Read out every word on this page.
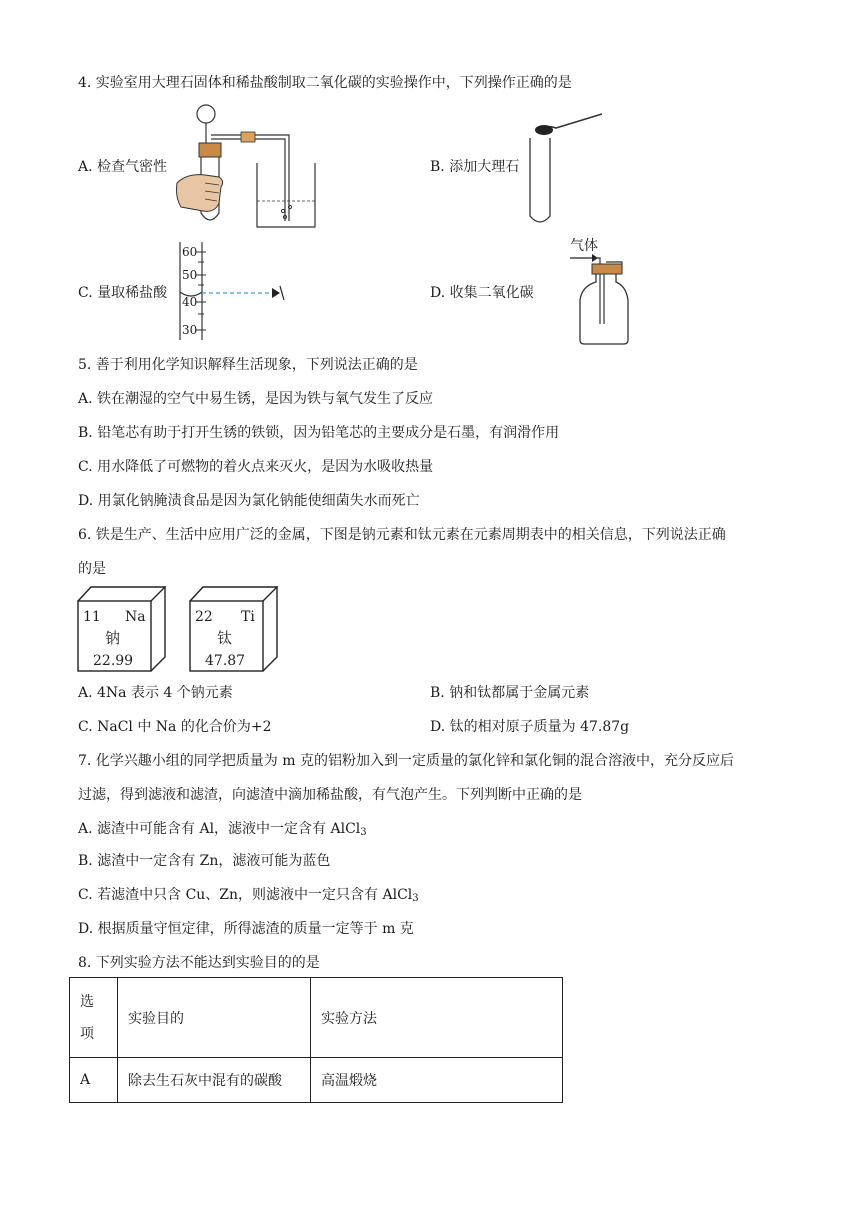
4. 实验室用大理石固体和稀盐酸制取二氧化碳的实验操作中，下列操作正确的是
A. 检查气密性	B. 添加大理石
60
50
40
30
C. 量取稀盐酸
气体
D. 收集二氧化碳
5. 善于利用化学知识解释生活现象，下列说法正确的是
A. 铁在潮湿的空气中易生锈，是因为铁与氧气发生了反应
B. 铅笔芯有助于打开生锈的铁锁，因为铅笔芯的主要成分是石墨，有润滑作用
C. 用水降低了可燃物的着火点来灭火，是因为水吸收热量
D. 用氯化钠腌渍食品是因为氯化钠能使细菌失水而死亡
6. 铁是生产、生活中应用广泛的金属，下图是钠元素和钛元素在元素周期表中的相关信息，下列说法正确
的是
11 Na
钠
22.99
22 Ti
钛
47.87
A. 4Na 表示 4 个钠元素	B. 钠和钛都属于金属元素
C. NaCl 中 Na 的化合价为+2	D. 钛的相对原子质量为 47.87g
7. 化学兴趣小组的同学把质量为 m 克的铝粉加入到一定质量的氯化锌和氯化铜的混合溶液中，充分反应后
过滤，得到滤液和滤渣，向滤渣中滴加稀盐酸，有气泡产生。下列判断中正确的是
A. 滤渣中可能含有 Al，滤液中一定含有 AlCl$_3$
B. 滤渣中一定含有 Zn，滤液可能为蓝色
C. 若滤渣中只含 Cu、Zn，则滤液中一定只含有 AlCl$_3$
D. 根据质量守恒定律，所得滤渣的质量一定等于 m 克
8. 下列实验方法不能达到实验目的的是
选
项	实验目的	实验方法
A	除去生石灰中混有的碳酸	高温煅烧
